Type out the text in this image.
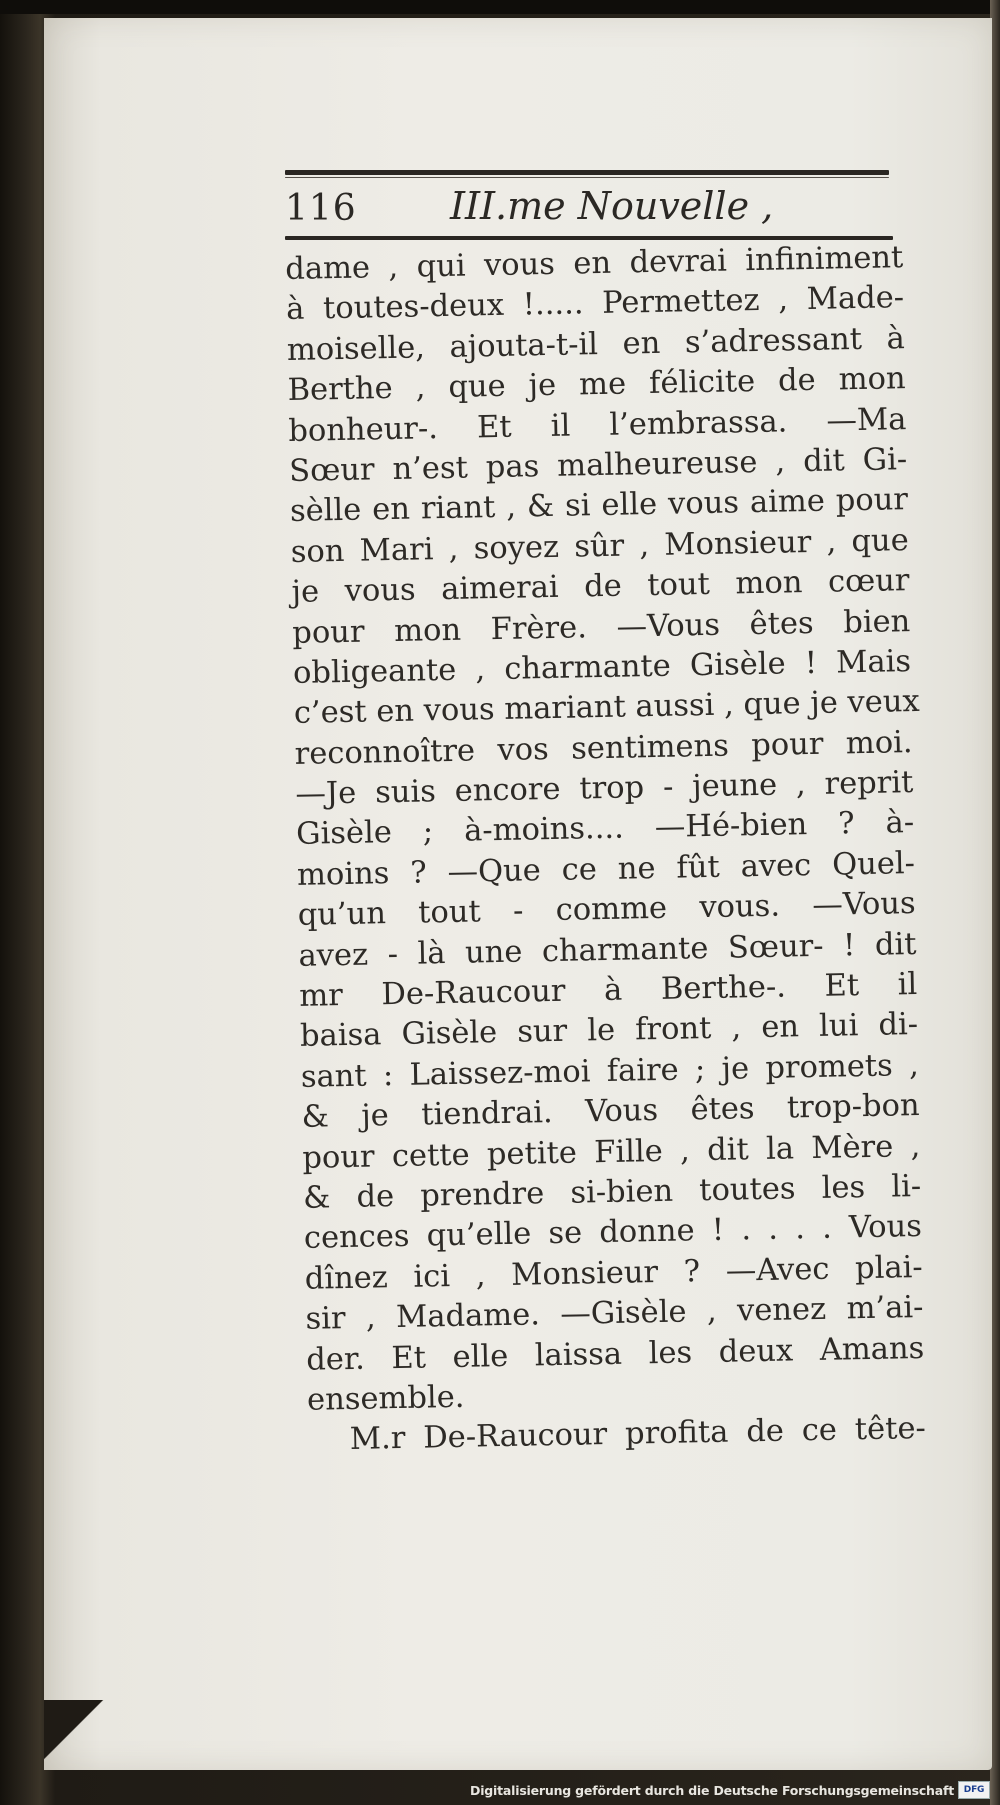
116 III.me Nouvelle ,
dame , qui vous en devrai infiniment
à toutes-deux !..... Permettez , Made-
moiselle, ajouta-t-il en s’adressant à
Berthe , que je me félicite de mon
bonheur-. Et il l’embrassa. —Ma
Sœur n’est pas malheureuse , dit Gi-
sèlle en riant , & si elle vous aime pour
son Mari , soyez sûr , Monsieur , que
je vous aimerai de tout mon cœur
pour mon Frère. —Vous êtes bien
obligeante , charmante Gisèle ! Mais
c’est en vous mariant aussi , que je veux
reconnoître vos sentimens pour moi.
—Je suis encore trop - jeune , reprit
Gisèle ; à-moins.... —Hé-bien ? à-
moins ? —Que ce ne fût avec Quel-
qu’un tout - comme vous. —Vous
avez - là une charmante Sœur- ! dit
mr De-Raucour à Berthe-. Et il
baisa Gisèle sur le front , en lui di-
sant : Laissez-moi faire ; je promets ,
& je tiendrai. Vous êtes trop-bon
pour cette petite Fille , dit la Mère ,
& de prendre si-bien toutes les li-
cences qu’elle se donne ! . . . . Vous
dînez ici , Monsieur ? —Avec plai-
sir , Madame. —Gisèle , venez m’ai-
der. Et elle laissa les deux Amans
ensemble.
M.r De-Raucour profita de ce tête-
Digitalisierung gefördert durch die Deutsche Forschungsgemeinschaft	DFG
